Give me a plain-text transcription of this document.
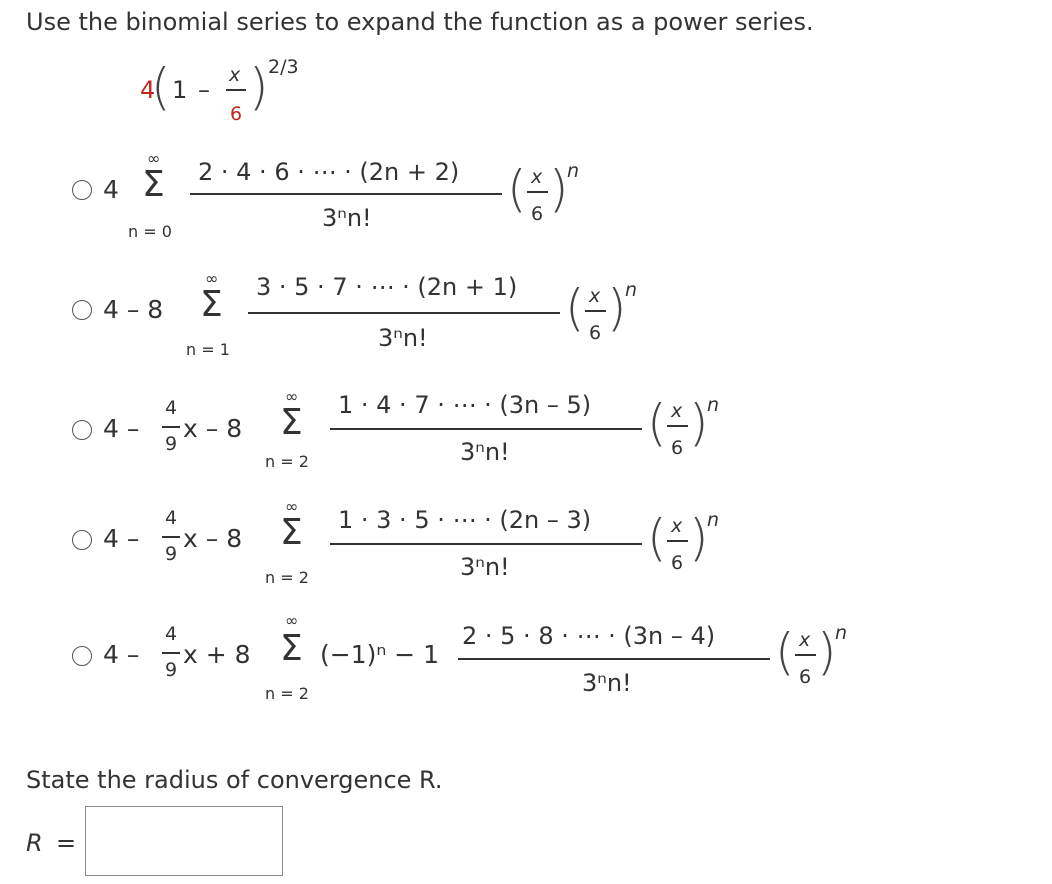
Use the binomial series to expand the function as a power series.
4
( 1 –
x
6 ) 2/3
4
∞
Σ
n = 0
2 · 4 · 6 · ⋯ · (2n + 2)
3ⁿn!	( x
6 )
n
4 – 8
∞
Σ
n = 1
3 · 5 · 7 · ⋯ · (2n + 1)
3ⁿn!
( x
6 )
n
4 –
4
9
x – 8
∞
Σ
n = 2
1 · 4 · 7 · ⋯ · (3n – 5)
3ⁿn!	( x
6 )
n
4 –
4
9
x – 8
∞
Σ
n = 2
1 · 3 · 5 · ⋯ · (2n – 3)
3ⁿn!	( x
6 )
n
4 –
4
9
x + 8
∞
Σ
n = 2
(−1)ⁿ − 1
2 · 5 · 8 · ⋯ · (3n – 4)
3ⁿn!
( x
6 )
n
State the radius of convergence R.
R =
